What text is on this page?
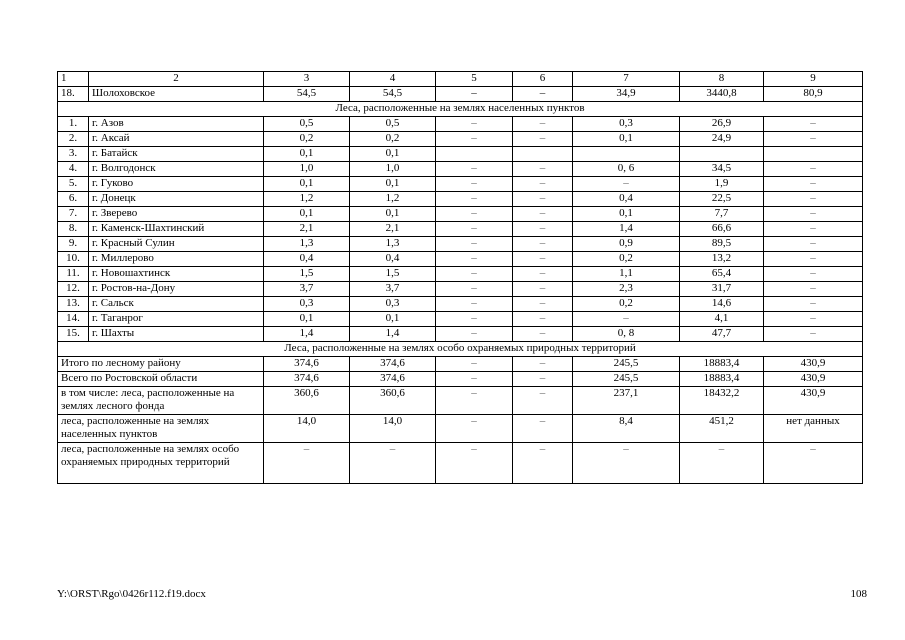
1	2	3	4	5	6	7	8	9
18.	Шолоховское	54,5	54,5	–	–	34,9	3440,8	80,9
Леса, расположенные на землях населенных пунктов								
1.	г. Азов	0,5	0,5	–	–	0,3	26,9	–
2.	г. Аксай	0,2	0,2	–	–	0,1	24,9	–
3.	г. Батайск	0,1	0,1					
4.	г. Волгодонск	1,0	1,0	–	–	0, 6	34,5	–
5.	г. Гуково	0,1	0,1	–	–	–	1,9	–
6.	г. Донецк	1,2	1,2	–	–	0,4	22,5	–
7.	г. Зверево	0,1	0,1	–	–	0,1	7,7	–
8.	г. Каменск-Шахтинский	2,1	2,1	–	–	1,4	66,6	–
9.	г. Красный Сулин	1,3	1,3	–	–	0,9	89,5	–
10.	г. Миллерово	0,4	0,4	–	–	0,2	13,2	–
11.	г. Новошахтинск	1,5	1,5	–	–	1,1	65,4	–
12.	г. Ростов-на-Дону	3,7	3,7	–	–	2,3	31,7	–
13.	г. Сальск	0,3	0,3	–	–	0,2	14,6	–
14.	г. Таганрог	0,1	0,1	–	–	–	4,1	–
15.	г. Шахты	1,4	1,4	–	–	0, 8	47,7	–
Леса, расположенные на землях особо охраняемых природных территорий								
Итого по лесному району		374,6	374,6	–	–	245,5	18883,4	430,9
Всего по Ростовской области		374,6	374,6	–	–	245,5	18883,4	430,9
в том числе: леса, расположенные на землях лесного фонда		360,6	360,6	–	–	237,1	18432,2	430,9
леса, расположенные на землях населенных пунктов		14,0	14,0	–	–	8,4	451,2	нет данных
леса, расположенные на землях особо охраняемых природных территорий		–	–	–	–	–	–	–
Y:\ORST\Rgo\0426r112.f19.docx	108
